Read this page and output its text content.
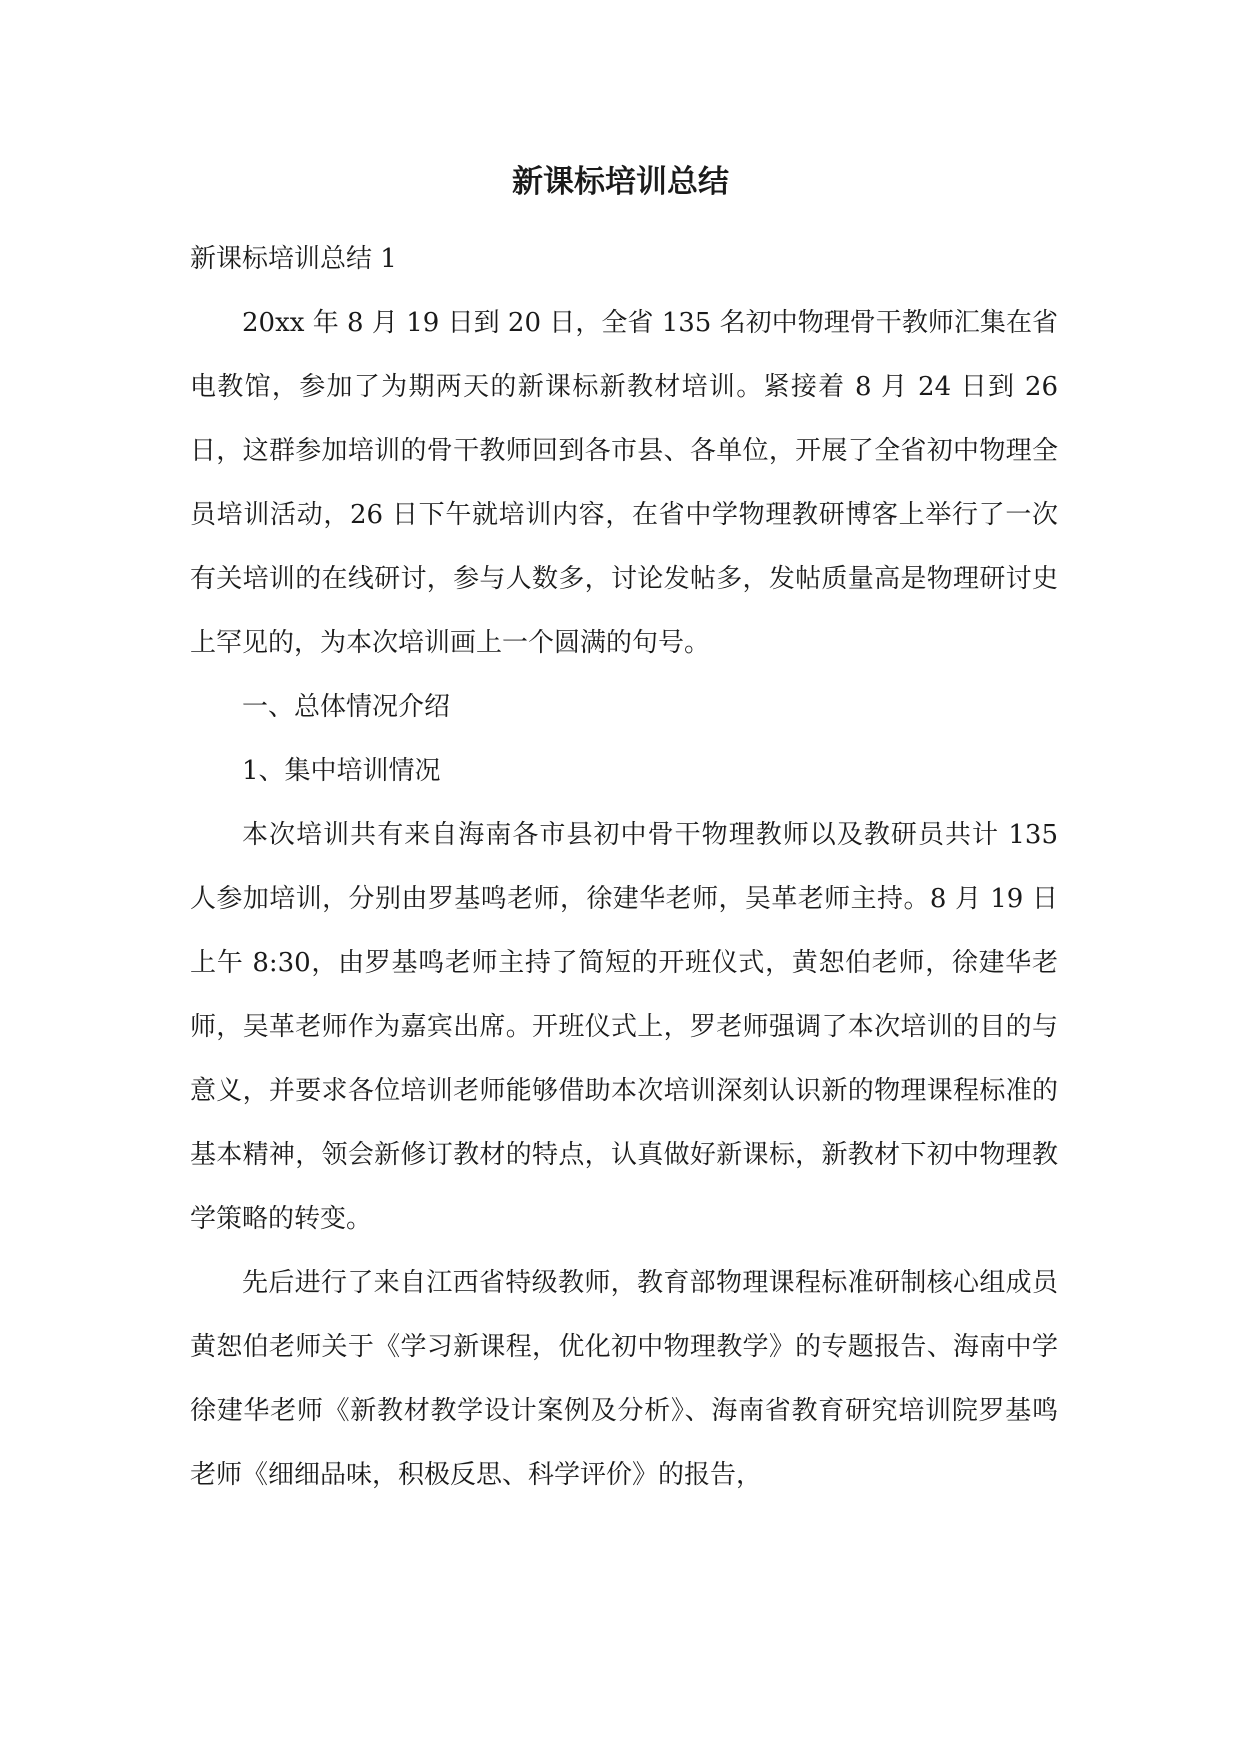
新课标培训总结

新课标培训总结 1

20xx 年 8 月 19 日到 20 日，全省 135 名初中物理骨干教师汇集在省电教馆，参加了为期两天的新课标新教材培训。紧接着 8 月 24 日到 26 日，这群参加培训的骨干教师回到各市县、各单位，开展了全省初中物理全员培训活动，26 日下午就培训内容，在省中学物理教研博客上举行了一次有关培训的在线研讨，参与人数多，讨论发帖多，发帖质量高是物理研讨史上罕见的，为本次培训画上一个圆满的句号。

一、总体情况介绍

1、集中培训情况

本次培训共有来自海南各市县初中骨干物理教师以及教研员共计 135 人参加培训，分别由罗基鸣老师，徐建华老师，吴革老师主持。8 月 19 日上午 8:30，由罗基鸣老师主持了简短的开班仪式，黄恕伯老师，徐建华老师，吴革老师作为嘉宾出席。开班仪式上，罗老师强调了本次培训的目的与意义，并要求各位培训老师能够借助本次培训深刻认识新的物理课程标准的基本精神，领会新修订教材的特点，认真做好新课标，新教材下初中物理教学策略的转变。

先后进行了来自江西省特级教师，教育部物理课程标准研制核心组成员黄恕伯老师关于《学习新课程，优化初中物理教学》的专题报告、海南中学徐建华老师《新教材教学设计案例及分析》、海南省教育研究培训院罗基鸣老师《细细品味，积极反思、科学评价》的报告，
